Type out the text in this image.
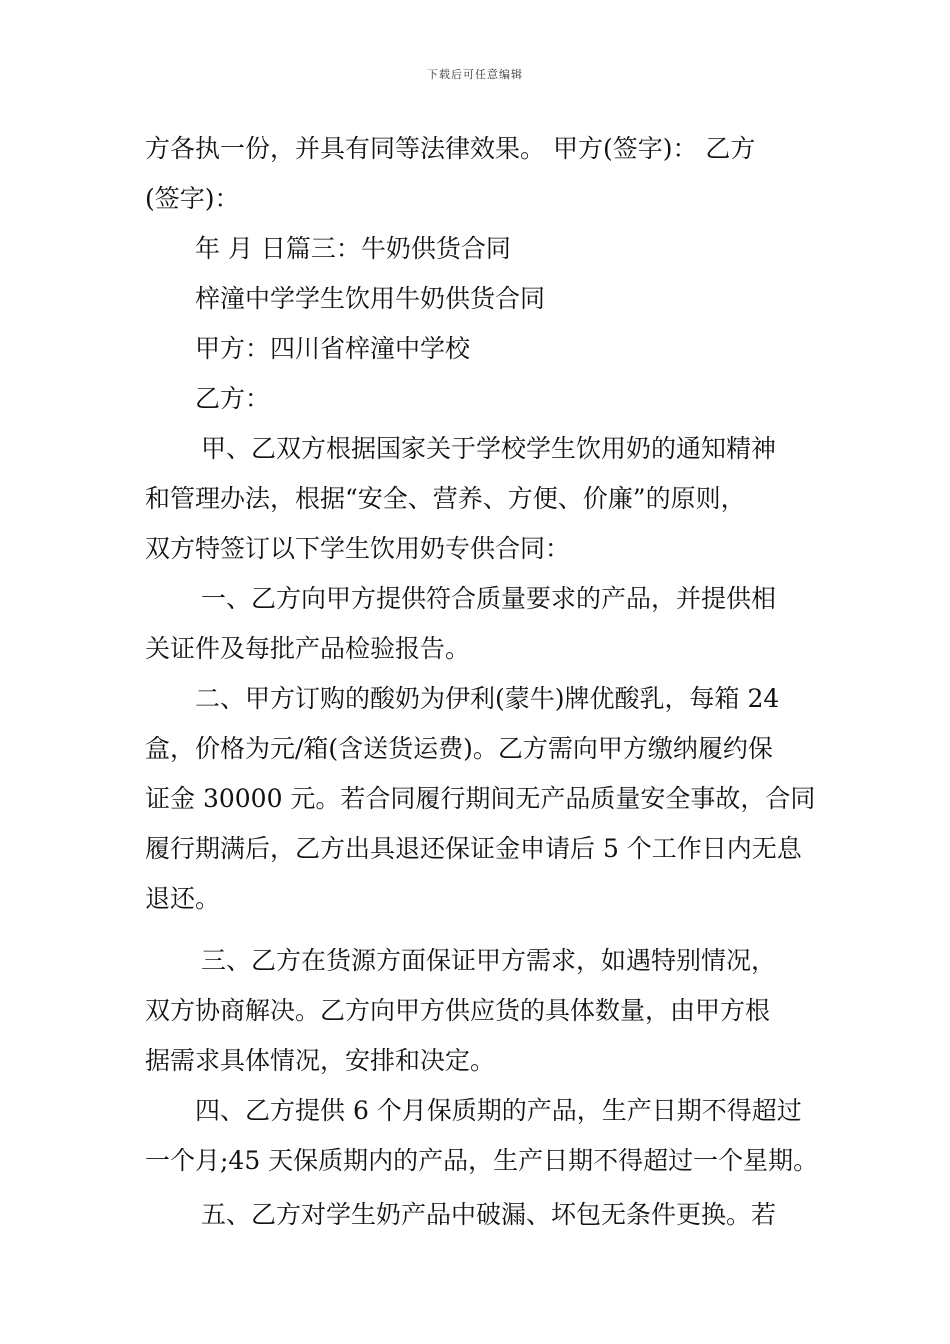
下载后可任意编辑
方各执一份，并具有同等法律效果。 甲方(签字)： 乙方
(签字)：
年 月 日篇三：牛奶供货合同
梓潼中学学生饮用牛奶供货合同
甲方：四川省梓潼中学校
乙方：
甲、乙双方根据国家关于学校学生饮用奶的通知精神
和管理办法，根据“安全、营养、方便、价廉”的原则，
双方特签订以下学生饮用奶专供合同：
一、乙方向甲方提供符合质量要求的产品，并提供相
关证件及每批产品检验报告。
二、甲方订购的酸奶为伊利(蒙牛)牌优酸乳，每箱 24
盒，价格为元/箱(含送货运费)。乙方需向甲方缴纳履约保
证金 30000 元。若合同履行期间无产品质量安全事故，合同
履行期满后，乙方出具退还保证金申请后 5 个工作日内无息
退还。
三、乙方在货源方面保证甲方需求，如遇特别情况，
双方协商解决。乙方向甲方供应货的具体数量，由甲方根
据需求具体情况，安排和决定。
四、乙方提供 6 个月保质期的产品，生产日期不得超过
一个月;45 天保质期内的产品，生产日期不得超过一个星期。
五、乙方对学生奶产品中破漏、坏包无条件更换。若
